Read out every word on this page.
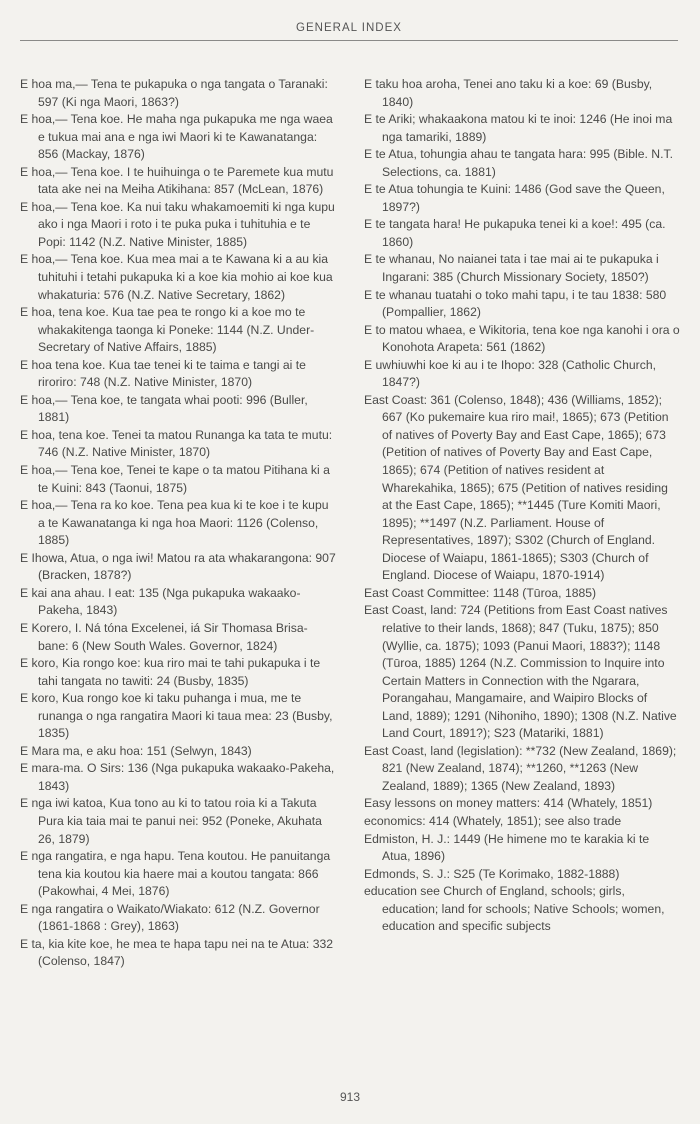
GENERAL INDEX

E hoa ma,— Tena te pukapuka o nga tangata o Taranaki: 597 (Ki nga Maori, 1863?)

E hoa,— Tena koe. He maha nga pukapuka me nga waea e tukua mai ana e nga iwi Maori ki te Kawanatanga: 856 (Mackay, 1876)

E hoa,— Tena koe. I te huihuinga o te Paremete kua mutu tata ake nei na Meiha Atikihana: 857 (McLean, 1876)

E hoa,— Tena koe. Ka nui taku whakamoemiti ki nga kupu ako i nga Maori i roto i te puka puka i tuhituhia e te Popi: 1142 (N.Z. Native Minister, 1885)

E hoa,— Tena koe. Kua mea mai a te Kawana ki a au kia tuhituhi i tetahi pukapuka ki a koe kia mohio ai koe kua whakaturia: 576 (N.Z. Native Secretary, 1862)

E hoa, tena koe. Kua tae pea te rongo ki a koe mo te whakakitenga taonga ki Poneke: 1144 (N.Z. Under-Secretary of Native Affairs, 1885)

E hoa tena koe. Kua tae tenei ki te taima e tangi ai te riroriro: 748 (N.Z. Native Minister, 1870)

E hoa,— Tena koe, te tangata whai pooti: 996 (Buller, 1881)

E hoa, tena koe. Tenei ta matou Runanga ka tata te mutu: 746 (N.Z. Native Minister, 1870)

E hoa,— Tena koe, Tenei te kape o ta matou Pitihana ki a te Kuini: 843 (Taonui, 1875)

E hoa,— Tena ra ko koe. Tena pea kua ki te koe i te kupu a te Kawanatanga ki nga hoa Maori: 1126 (Colenso, 1885)

E Ihowa, Atua, o nga iwi! Matou ra ata whakarangona: 907 (Bracken, 1878?)

E kai ana ahau. I eat: 135 (Nga pukapuka wakaako-Pakeha, 1843)

E Korero, I. Ná tóna Excelenei, iá Sir Thomasa Brisa- bane: 6 (New South Wales. Governor, 1824)

E koro, Kia rongo koe: kua riro mai te tahi pukapuka i te tahi tangata no tawiti: 24 (Busby, 1835)

E koro, Kua rongo koe ki taku puhanga i mua, me te runanga o nga rangatira Maori ki taua mea: 23 (Busby, 1835)

E Mara ma, e aku hoa: 151 (Selwyn, 1843)

E mara-ma. O Sirs: 136 (Nga pukapuka wakaako-Pakeha, 1843)

E nga iwi katoa, Kua tono au ki to tatou roia ki a Takuta Pura kia taia mai te panui nei: 952 (Poneke, Akuhata 26, 1879)

E nga rangatira, e nga hapu. Tena koutou. He panuitanga tena kia koutou kia haere mai a koutou tangata: 866 (Pakowhai, 4 Mei, 1876)

E nga rangatira o Waikato/Wiakato: 612 (N.Z. Governor (1861-1868 : Grey), 1863)

E ta, kia kite koe, he mea te hapa tapu nei na te Atua: 332 (Colenso, 1847)

E taku hoa aroha, Tenei ano taku ki a koe: 69 (Busby, 1840)

E te Ariki; whakaakona matou ki te inoi: 1246 (He inoi ma nga tamariki, 1889)

E te Atua, tohungia ahau te tangata hara: 995 (Bible. N.T. Selections, ca. 1881)

E te Atua tohungia te Kuini: 1486 (God save the Queen, 1897?)

E te tangata hara! He pukapuka tenei ki a koe!: 495 (ca. 1860)

E te whanau, No naianei tata i tae mai ai te pukapuka i Ingarani: 385 (Church Missionary Society, 1850?)

E te whanau tuatahi o toko mahi tapu, i te tau 1838: 580 (Pompallier, 1862)

E to matou whaea, e Wikitoria, tena koe nga kanohi i ora o Konohota Arapeta: 561 (1862)

E uwhiuwhi koe ki au i te Ihopo: 328 (Catholic Church, 1847?)

East Coast: 361 (Colenso, 1848); 436 (Williams, 1852); 667 (Ko pukemaire kua riro mai!, 1865); 673 (Petition of natives of Poverty Bay and East Cape, 1865); 673 (Petition of natives of Poverty Bay and East Cape, 1865); 674 (Petition of natives resident at Wharekahika, 1865); 675 (Petition of natives residing at the East Cape, 1865); **1445 (Ture Komiti Maori, 1895); **1497 (N.Z. Parliament. House of Representatives, 1897); S302 (Church of England. Diocese of Waiapu, 1861-1865); S303 (Church of England. Diocese of Waiapu, 1870-1914)

East Coast Committee: 1148 (Tūroa, 1885)

East Coast, land: 724 (Petitions from East Coast natives relative to their lands, 1868); 847 (Tuku, 1875); 850 (Wyllie, ca. 1875); 1093 (Panui Maori, 1883?); 1148 (Tūroa, 1885) 1264 (N.Z. Commission to Inquire into Certain Matters in Connection with the Ngarara, Porangahau, Mangamaire, and Waipiro Blocks of Land, 1889); 1291 (Nihoniho, 1890); 1308 (N.Z. Native Land Court, 1891?); S23 (Matariki, 1881)

East Coast, land (legislation): **732 (New Zealand, 1869); 821 (New Zealand, 1874); **1260, **1263 (New Zealand, 1889); 1365 (New Zealand, 1893)

Easy lessons on money matters: 414 (Whately, 1851)

economics: 414 (Whately, 1851); see also trade

Edmiston, H. J.: 1449 (He himene mo te karakia ki te Atua, 1896)

Edmonds, S. J.: S25 (Te Korimako, 1882-1888)

education see Church of England, schools; girls, education; land for schools; Native Schools; women, education and specific subjects

913
